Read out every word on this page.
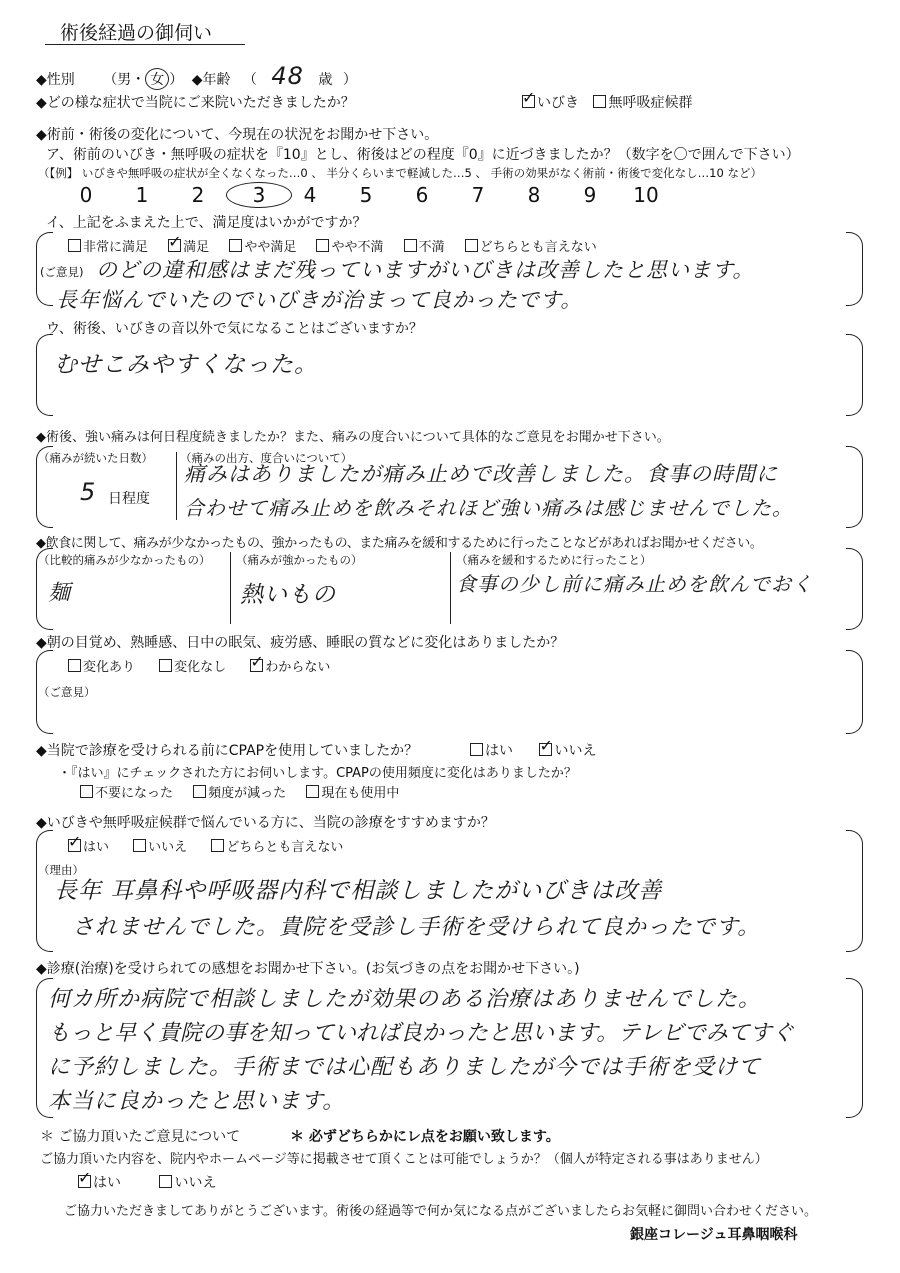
術後経過の御伺い
◆性別 （男・ 女 ） ◆年齢 （ 48 歳 ）
◆どの様な症状で当院にご来院いただきましたか？ ✓	いびき 無呼吸症候群
◆術前・術後の変化について、今現在の状況をお聞かせ下さい。
ア、術前のいびき・無呼吸の症状を『10』とし、術後はどの程度『0』に近づきましたか？（数字を〇で囲んで下さい）
（【例】 いびきや無呼吸の症状が全くなくなった…0 、 半分くらいまで軽減した…5 、 手術の効果がなく術前・術後で変化なし…10 など）
0 1 2 3 4 5 6 7 8 9 10
イ、上記をふまえた上で、満足度はいかがですか？
非常に満足 ✓	満足	やや満足	やや不満	不満	どちらとも言えない
(ご意見) のどの違和感はまだ残っていますがいびきは改善したと思います。
長年悩んでいたのでいびきが治まって良かったです。
ウ、術後、いびきの音以外で気になることはございますか？
むせこみやすくなった。
◆術後、強い痛みは何日程度続きましたか？また、痛みの度合いについて具体的なご意見をお聞かせ下さい。
（痛みが続いた日数）
5 日程度
（痛みの出方、度合いについて）
痛みはありましたが痛み止めで改善しました。食事の時間に
合わせて痛み止めを飲みそれほど強い痛みは感じませんでした。
◆飲食に関して、痛みが少なかったもの、強かったもの、また痛みを緩和するために行ったことなどがあればお聞かせください。
（比較的痛みが少なかったもの）
麺
（痛みが強かったもの）
熱いもの
（痛みを緩和するために行ったこと）
食事の少し前に痛み止めを飲んでおく
◆朝の目覚め、熟睡感、日中の眠気、疲労感、睡眠の質などに変化はありましたか？
変化あり	変化なし ✓	わからない
（ご意見）
◆当院で診療を受けられる前にCPAPを使用していましたか？	はい ✓	いいえ
・『はい』にチェックされた方にお伺いします。CPAPの使用頻度に変化はありましたか？
不要になった	頻度が減った	現在も使用中
◆いびきや無呼吸症候群で悩んでいる方に、当院の診療をすすめますか？
✓はい	いいえ	どちらとも言えない
（理由）
長年 耳鼻科や呼吸器内科で相談しましたがいびきは改善
されませんでした。貴院を受診し手術を受けられて良かったです。
◆診療(治療)を受けられての感想をお聞かせ下さい。(お気づきの点をお聞かせ下さい。)
何カ所か病院で相談しましたが効果のある治療はありませんでした。
もっと早く貴院の事を知っていれば良かったと思います。テレビでみてすぐ
に予約しました。手術までは心配もありましたが今では手術を受けて
本当に良かったと思います。
＊ ご協力頂いたご意見について	＊ 必ずどちらかにレ点をお願い致します。
ご協力頂いた内容を、院内やホームページ等に掲載させて頂くことは可能でしょうか？（個人が特定される事はありません）
✓はい	いいえ
ご協力いただきましてありがとうございます。術後の経過等で何か気になる点がございましたらお気軽に御問い合わせください。
銀座コレージュ耳鼻咽喉科
